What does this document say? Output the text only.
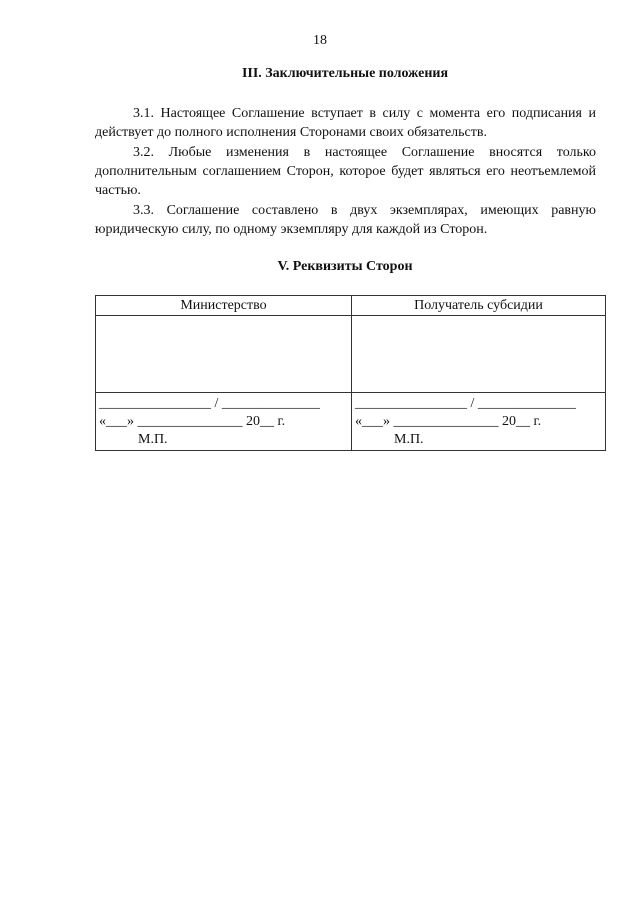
18
III. Заключительные положения
3.1. Настоящее Соглашение вступает в силу с момента его подписания и действует до полного исполнения Сторонами своих обязательств.
3.2. Любые изменения в настоящее Соглашение вносятся только дополнительным соглашением Сторон, которое будет являться его неотъемлемой частью.
3.3. Соглашение составлено в двух экземплярах, имеющих равную юридическую силу, по одному экземпляру для каждой из Сторон.
V. Реквизиты Сторон
Министерство
________________ / ______________
«___» _______________ 20__ г.
М.П.
Получатель субсидии
________________ / ______________
«___» _______________ 20__ г.
М.П.
